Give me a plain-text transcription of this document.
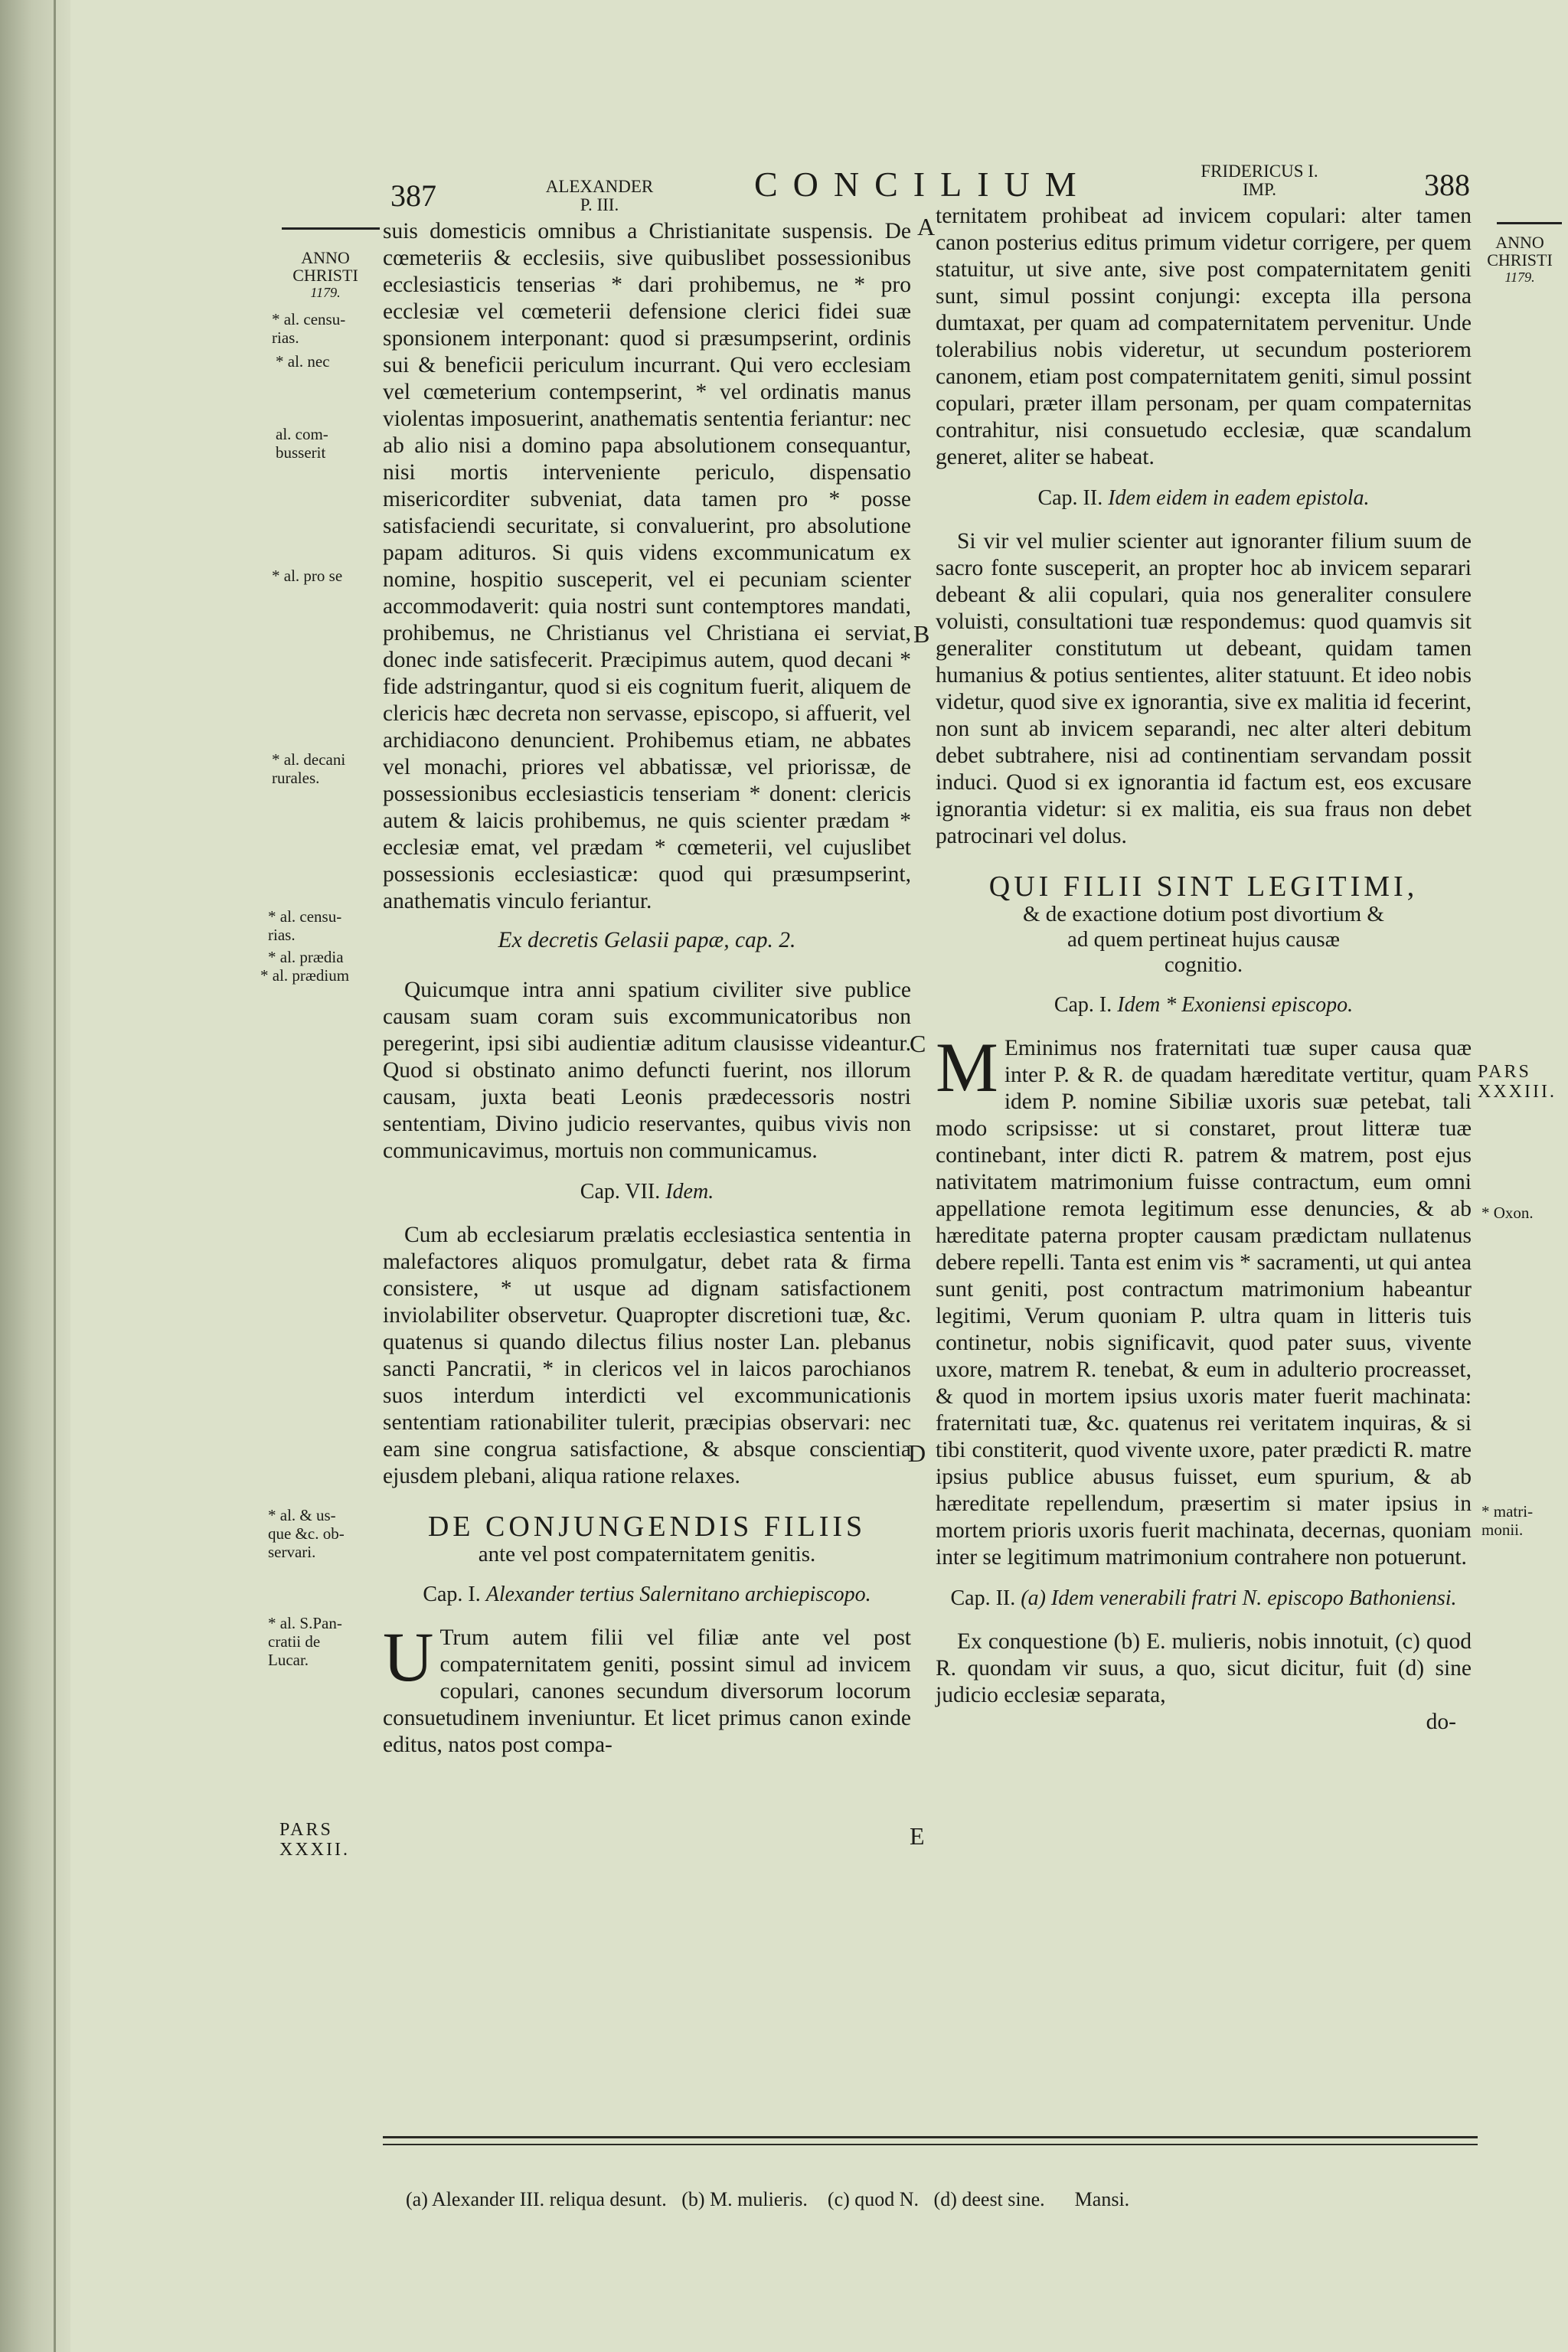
387	ALEXANDER
P. III.
CONCILIUM	FRIDERICUS I.
IMP.	388
ANNO
CHRISTI
1179.
ANNO
CHRISTI
1179.
* al. censu-
rias.
* al. nec
al. com-
busserit
* al. pro se
* al. decani
rurales.
* al. censu-
rias.
* al. prædia
* al. prædium
* al. & us-
que &c. ob-
servari.
* al. S.Pan-
cratii de
Lucar.
* Oxon.
* matri-
monii.
PARS
XXXII.
PARS
XXXIII.
A
B
C
D
E

suis domesticis omnibus a Christianitate suspensis. De cœmeteriis & ecclesiis, sive quibuslibet possessionibus ecclesiasticis tenserias * dari prohibemus, ne * pro ecclesiæ vel cœmeterii defensione clerici fidei suæ sponsionem interponant: quod si præsumpserint, ordinis sui & beneficii periculum incurrant. Qui vero ecclesiam vel cœmeterium contempserint, * vel ordinatis manus violentas imposuerint, anathematis sententia feriantur: nec ab alio nisi a domino papa absolutionem consequantur, nisi mortis interveniente periculo, dispensatio misericorditer subveniat, data tamen pro * posse satisfaciendi securitate, si convaluerint, pro absolutione papam adituros. Si quis videns excommunicatum ex nomine, hospitio susceperit, vel ei pecuniam scienter accommodaverit: quia nostri sunt contemptores mandati, prohibemus, ne Christianus vel Christiana ei serviat, donec inde satisfecerit. Præcipimus autem, quod decani * fide adstringantur, quod si eis cognitum fuerit, aliquem de clericis hæc decreta non servasse, episcopo, si affuerit, vel archidiacono denuncient. Prohibemus etiam, ne abbates vel monachi, priores vel abbatissæ, vel priorissæ, de possessionibus ecclesiasticis tenseriam * donent: clericis autem & laicis prohibemus, ne quis scienter prædam * ecclesiæ emat, vel prædam * cœmeterii, vel cujuslibet possessionis ecclesiasticæ: quod qui præsumpserint, anathematis vinculo feriantur.

Ex decretis Gelasii papæ, cap. 2.

Quicumque intra anni spatium civiliter sive publice causam suam coram suis excommunicatoribus non peregerint, ipsi sibi audientiæ aditum clausisse videantur. Quod si obstinato animo defuncti fuerint, nos illorum causam, juxta beati Leonis prædecessoris nostri sententiam, Divino judicio reservantes, quibus vivis non communicavimus, mortuis non communicamus.

Cap. VII. Idem.

Cum ab ecclesiarum prælatis ecclesiastica sententia in malefactores aliquos promulgatur, debet rata & firma consistere, * ut usque ad dignam satisfactionem inviolabiliter observetur. Quapropter discretioni tuæ, &c. quatenus si quando dilectus filius noster Lan. plebanus sancti Pancratii, * in clericos vel in laicos parochianos suos interdum interdicti vel excommunicationis sententiam rationabiliter tulerit, præcipias observari: nec eam sine congrua satisfactione, & absque conscientia ejusdem plebani, aliqua ratione relaxes.

DE CONJUNGENDIS FILIIS
ante vel post compaternitatem genitis.
Cap. I. Alexander tertius Salernitano archiepiscopo.

U Trum autem filii vel filiæ ante vel post compaternitatem geniti, possint simul ad invicem copulari, canones secundum diversorum locorum consuetudinem inveniuntur. Et licet primus canon exinde editus, natos post compa-

ternitatem prohibeat ad invicem copulari: alter tamen canon posterius editus primum videtur corrigere, per quem statuitur, ut sive ante, sive post compaternitatem geniti sunt, simul possint conjungi: excepta illa persona dumtaxat, per quam ad compaternitatem pervenitur. Unde tolerabilius nobis videretur, ut secundum posteriorem canonem, etiam post compaternitatem geniti, simul possint copulari, præter illam personam, per quam compaternitas contrahitur, nisi consuetudo ecclesiæ, quæ scandalum generet, aliter se habeat.

Cap. II. Idem eidem in eadem epistola.

Si vir vel mulier scienter aut ignoranter filium suum de sacro fonte susceperit, an propter hoc ab invicem separari debeant & alii copulari, quia nos generaliter consulere voluisti, consultationi tuæ respondemus: quod quamvis sit generaliter constitutum ut debeant, quidam tamen humanius & potius sentientes, aliter statuunt. Et ideo nobis videtur, quod sive ex ignorantia, sive ex malitia id fecerint, non sunt ab invicem separandi, nec alter alteri debitum debet subtrahere, nisi ad continentiam servandam possit induci. Quod si ex ignorantia id factum est, eos excusare ignorantia videtur: si ex malitia, eis sua fraus non debet patrocinari vel dolus.

QUI FILII SINT LEGITIMI,
& de exactione dotium post divortium &
ad quem pertineat hujus causæ
cognitio.
Cap. I. Idem * Exoniensi episcopo.

M Eminimus nos fraternitati tuæ super causa quæ inter P. & R. de quadam hæreditate vertitur, quam idem P. nomine Sibiliæ uxoris suæ petebat, tali modo scripsisse: ut si constaret, prout litteræ tuæ continebant, inter dicti R. patrem & matrem, post ejus nativitatem matrimonium fuisse contractum, eum omni appellatione remota legitimum esse denuncies, & ab hæreditate paterna propter causam prædictam nullatenus debere repelli. Tanta est enim vis * sacramenti, ut qui antea sunt geniti, post contractum matrimonium habeantur legitimi, Verum quoniam P. ultra quam in litteris tuis continetur, nobis significavit, quod pater suus, vivente uxore, matrem R. tenebat, & eum in adulterio procreasset, & quod in mortem ipsius uxoris mater fuerit machinata: fraternitati tuæ, &c. quatenus rei veritatem inquiras, & si tibi constiterit, quod vivente uxore, pater prædicti R. matre ipsius publice abusus fuisset, eum spurium, & ab hæreditate repellendum, præsertim si mater ipsius in mortem prioris uxoris fuerit machinata, decernas, quoniam inter se legitimum matrimonium contrahere non potuerunt.

Cap. II. (a) Idem venerabili fratri N. episcopo Bathoniensi.

Ex conquestione (b) E. mulieris, nobis innotuit, (c) quod R. quondam vir suus, a quo, sicut dicitur, fuit (d) sine judicio ecclesiæ separata,

do-
(a) Alexander III. reliqua desunt. (b) M. mulieris. (c) quod N. (d) deest sine. Mansi.
